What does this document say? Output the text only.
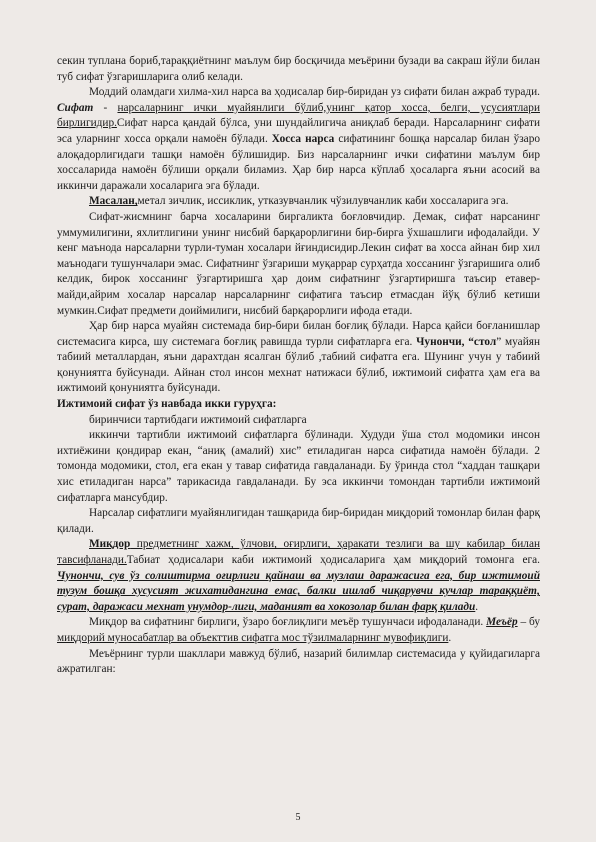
секин туплана бориб,тараққиётнинг маълум бир босқичида меъёрини бузади ва сакраш йўли билан туб сифат ўзгаришларига олиб келади.

Моддий оламдаги хилма-хил нарса ва ҳодисалар бир-биридан уз сифати билан ажраб туради. Сифат - нарсаларнинг ички муайянлиги бўлиб,унинг қатор хосса, белги, усусиятлари бирлигидир.Сифат нарса қандай бўлса, уни шундайлигича аниқлаб беради. Нарсаларнинг сифати эса уларнинг хосса орқали намоён бўлади. Хосса нарса сифатининг бошқа нарсалар билан ўзаро алоқадорлигидаги ташқи намоён бўлишидир. Биз нарсаларнинг ички сифатини маълум бир хоссаларида намоён бўлиши орқали биламиз. Ҳар бир нарса кўплаб ҳосаларга яъни асосий ва иккинчи даражали хосаларига эга бўлади.

Масалан,метал зичлик, иссиклик, утказувчанлик чўзилувчанлик каби хоссаларига эга.

Сифат-жисмнинг барча хосаларини биргаликта боғловчидир. Демак, сифат нарсанинг уммумилигини, яхлитлигини унинг нисбий барқарорлигини бир-бирга ўхшашлиги ифодалайди. У кенг маънода нарсаларни турли-туман хосалари йғиндисидир.Лекин сифат ва хосса айнан бир хил маънодаги тушунчалари эмас. Сифатнинг ўзгариши муқаррар сурҳатда хоссанинг ўзгаришига олиб келдик, бирок хоссанинг ўзгартиришга ҳар доим сифатнинг ўзгартиришга таъсир етавер-майди,айрим хосалар нарсалар нарсаларнинг сифатига таъсир етмасдан йўқ бўлиб кетиши мумкин.Сифат предмети доиймилиги, нисбий барқарорлиги ифода етади.

Ҳар бир нарса муайян системада бир-бири билан боғлиқ бўлади. Нарса қайси боғланишлар системасига кирса, шу системага боғлиқ равишда турли сифатларга ега. Чунончи, “стол” муайян табиий металлардан, яъни дарахтдан ясалган бўлиб ,табиий сифатга ега. Шунинг учун у табиий қонуниятга буйсунади. Айнан стол инсон мехнат натижаси бўлиб, ижтимоий сифатга ҳам ега ва ижтимоий қонуниятга буйсунади.

Ижтимоий сифат ўз навбада икки гуруҳга:

биринчиси тартибдаги ижтимоий сифатларга

иккинчи тартибли ижтимоий сифатларга бўлинади. Худуди ўша стол модомики инсон ихтиёжини қондирар екан, “аниқ (амалий) хис” етиладиган нарса сифатида намоён бўлади. 2 томонда модомики, стол, ега екан у тавар сифатида гавдаланади. Бу ўринда стол “хаддан ташқари хис етиладиган нарса” тарикасида гавдаланади. Бу эса иккинчи томондан тартибли ижтимоий сифатларга мансубдир.

Нарсалар сифатлиги муайянлигидан ташқарида бир-биридан миқдорий томонлар билан фарқ қилади.

Миқдор предметнинг хажм, ўлчови, оғирлиги, ҳаракати тезлиги ва шу кабилар билан тавсифланади.Табиат ҳодисалари каби ижтимоий ҳодисаларига ҳам миқдорий томонга ега. Чунончи, сув ўз солиштирма оғирлиги қайнаш ва музлаш даражасига ега, бир ижтимоий тузум бошқа хусусият жихатидангина емас, балки ишлаб чиқарувчи кучлар тараққиёт, сурат, даражаси мехнат унумдор-лиги, маданият ва хокозолар билан фарқ қилади.

Миқдор ва сифатнинг бирлиги, ўзаро боғлиқлиги меъёр тушунчаси ифодаланади. Меъёр – бу миқдорий муносабатлар ва объекттив сифатга мос тўзилмаларнинг мувофиқлиги.

Меъёрнинг турли шакллари мавжуд бўлиб, назарий билимлар системасида у қуйидагиларга ажратилган:

5
